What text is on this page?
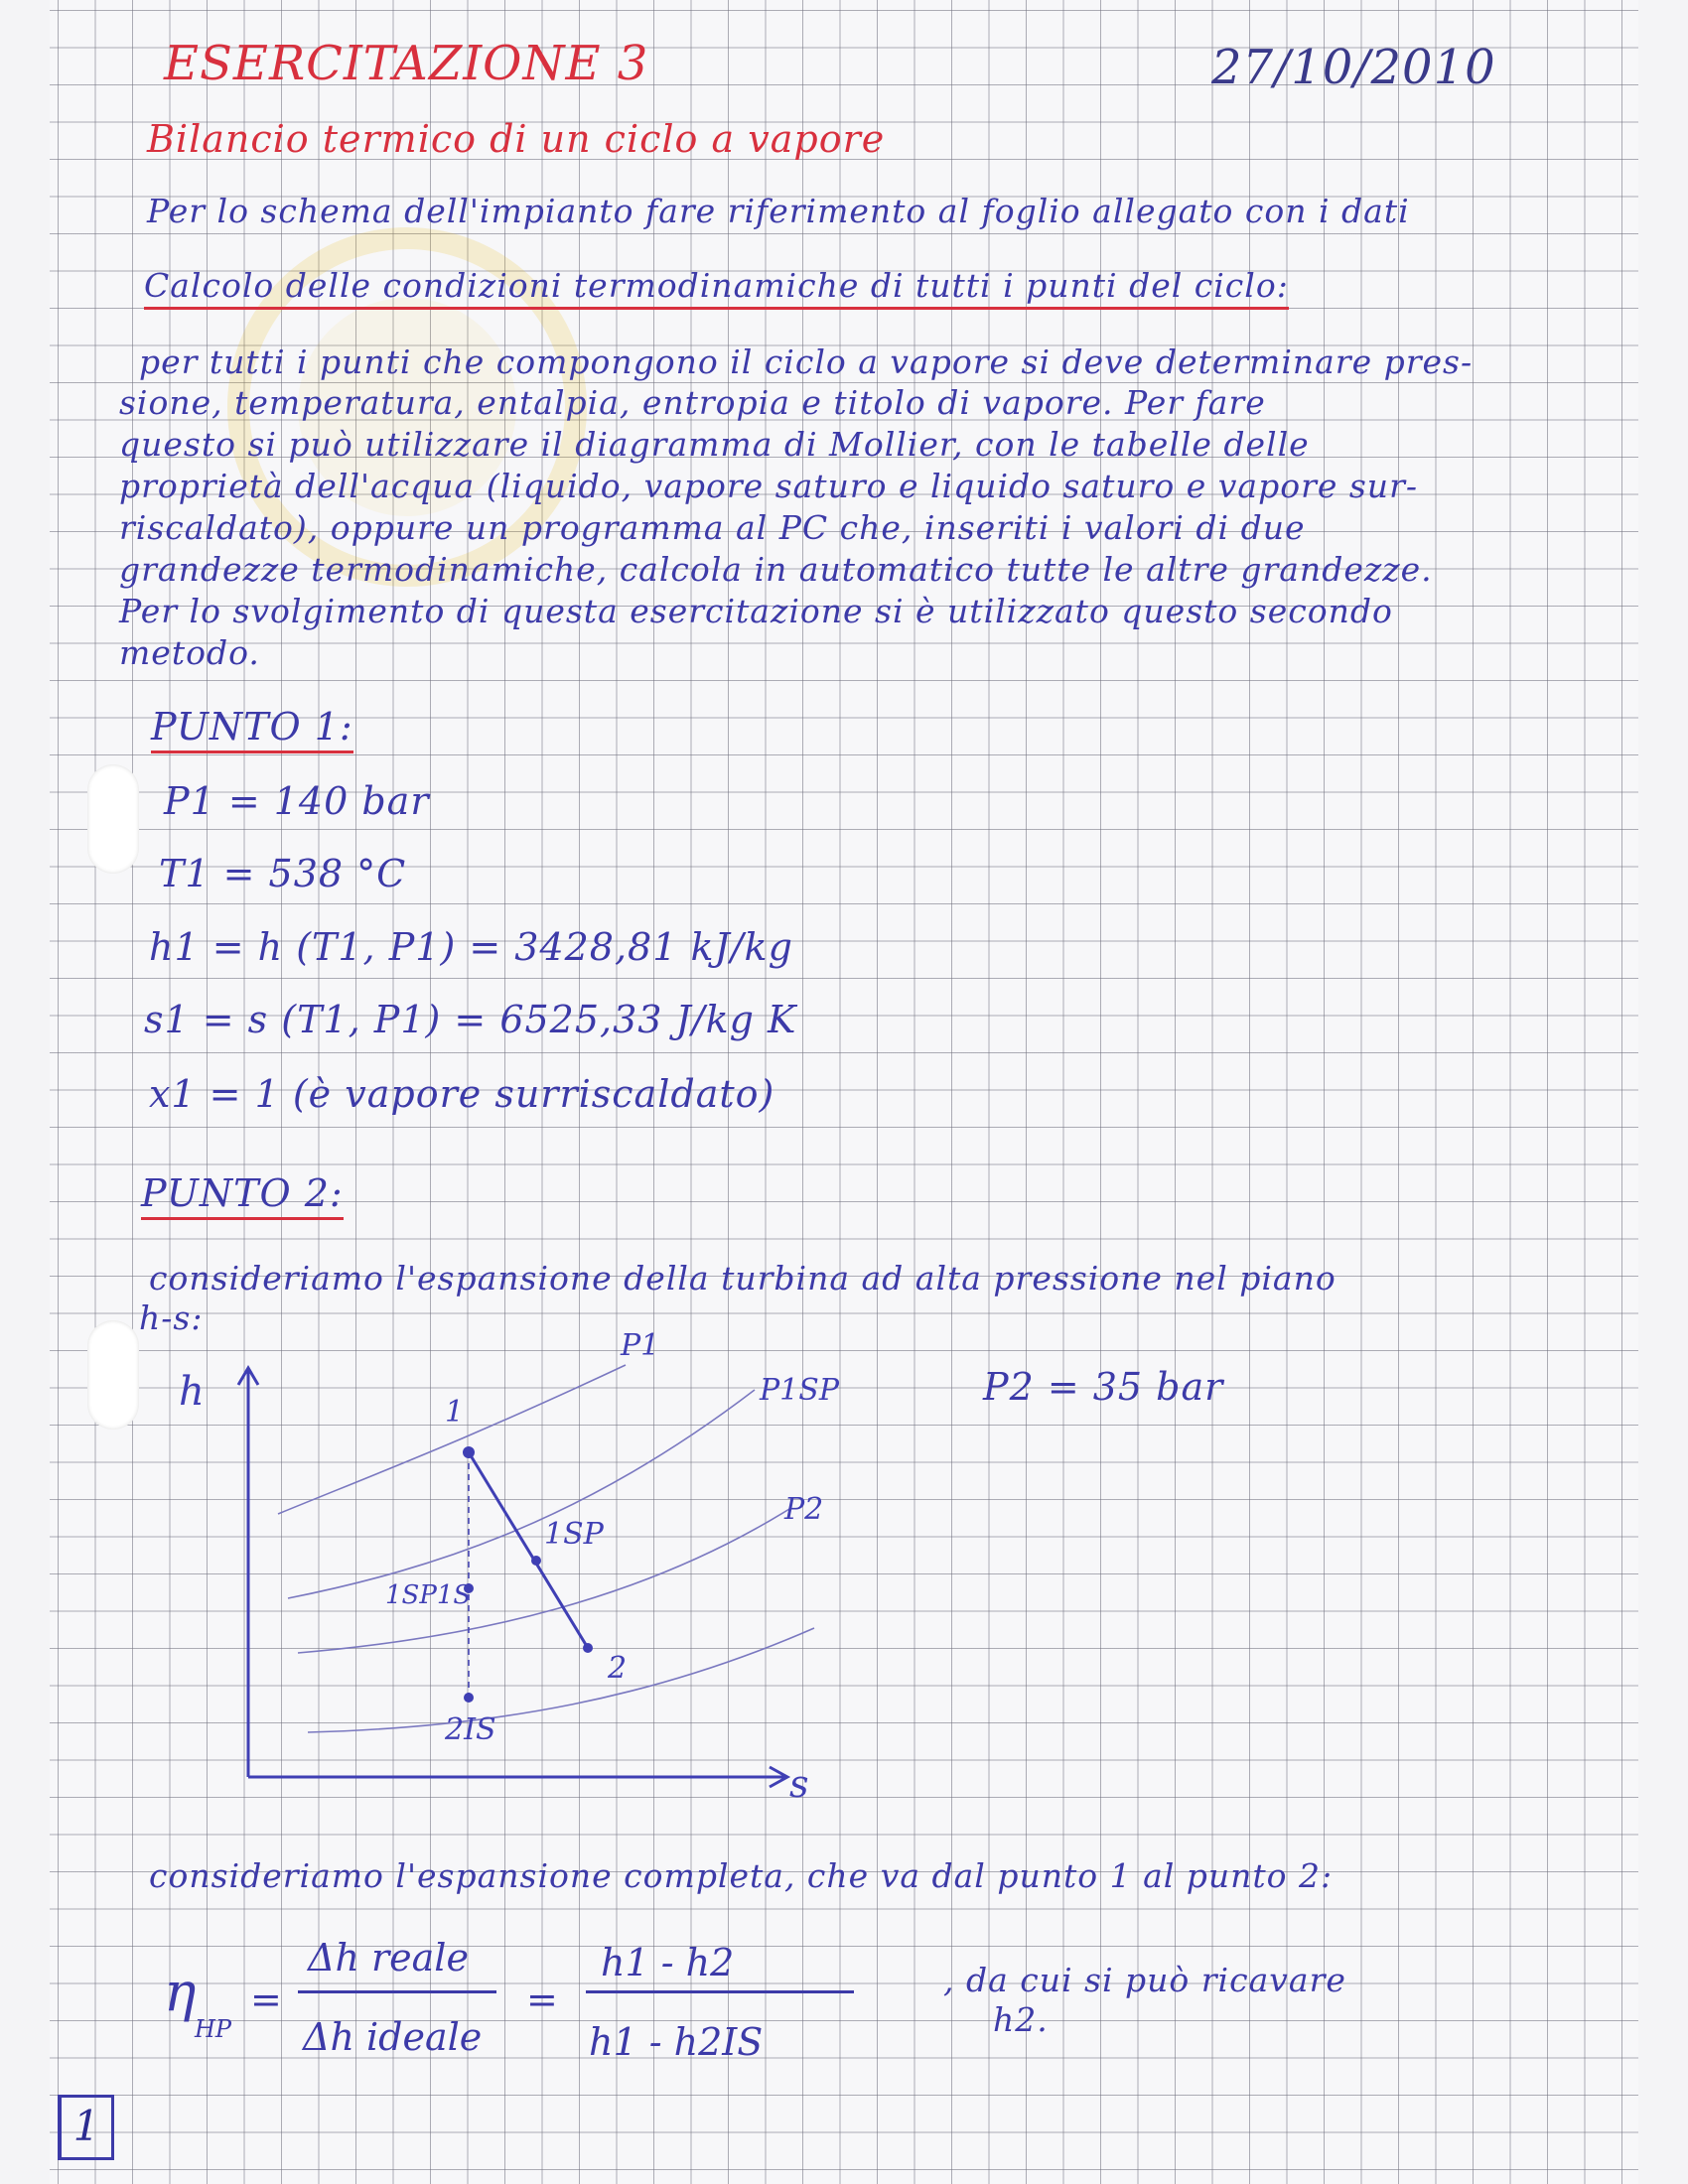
ESERCITAZIONE 3	27/10/2010
Bilancio termico di un ciclo a vapore
Per lo schema dell'impianto fare riferimento al foglio allegato con i dati
Calcolo delle condizioni termodinamiche di tutti i punti del ciclo:
per tutti i punti che compongono il ciclo a vapore si deve determinare pres-
sione, temperatura, entalpia, entropia e titolo di vapore. Per fare
questo si può utilizzare il diagramma di Mollier, con le tabelle delle
proprietà dell'acqua (liquido, vapore saturo e liquido saturo e vapore sur-
riscaldato), oppure un programma al PC che, inseriti i valori di due
grandezze termodinamiche, calcola in automatico tutte le altre grandezze.
Per lo svolgimento di questa esercitazione si è utilizzato questo secondo
metodo.
PUNTO 1:
P1 = 140 bar
T1 = 538 °C
h1 = h (T1, P1) = 3428,81 kJ/kg
s1 = s (T1, P1) = 6525,33 J/kg K
x1 = 1 (è vapore surriscaldato)
PUNTO 2:
consideriamo l'espansione della turbina ad alta pressione nel piano
h-s:
P2 = 35 bar
h
s
P1
P1SP
P2
1
1SP
1SP1S
2
2IS
consideriamo l'espansione completa, che va dal punto 1 al punto 2:
η
HP
=
Δh reale
Δh ideale
=
h1 - h2
h1 - h2IS
, da cui si può ricavare
h2.
1
